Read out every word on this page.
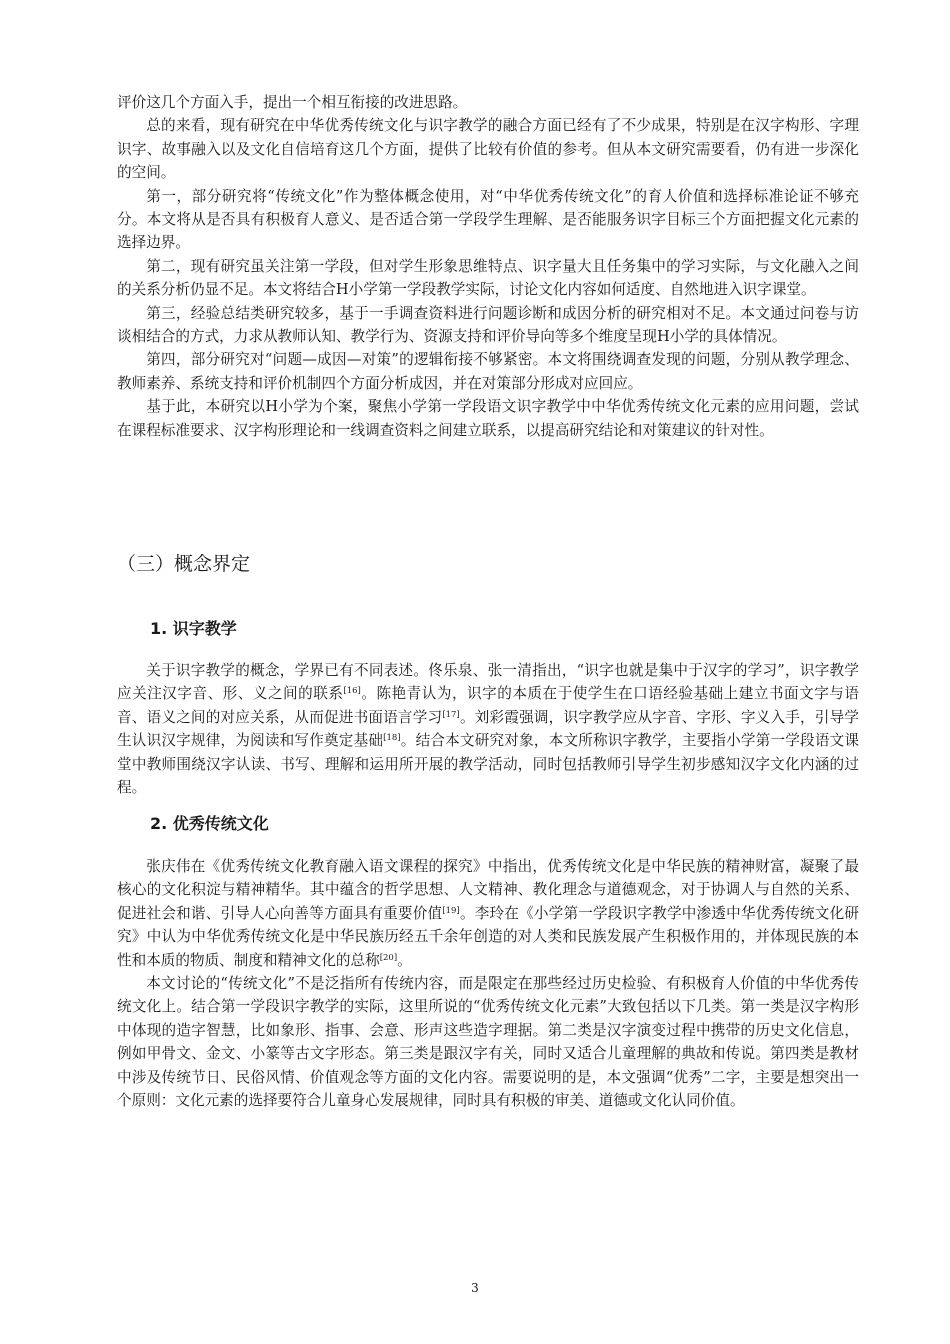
评价这几个方面入手，提出一个相互衔接的改进思路。

总的来看，现有研究在中华优秀传统文化与识字教学的融合方面已经有了不少成果，特别是在汉字构形、字理识字、故事融入以及文化自信培育这几个方面，提供了比较有价值的参考。但从本文研究需要看，仍有进一步深化的空间。

第一，部分研究将“传统文化”作为整体概念使用，对“中华优秀传统文化”的育人价值和选择标准论证不够充分。本文将从是否具有积极育人意义、是否适合第一学段学生理解、是否能服务识字目标三个方面把握文化元素的选择边界。

第二，现有研究虽关注第一学段，但对学生形象思维特点、识字量大且任务集中的学习实际，与文化融入之间的关系分析仍显不足。本文将结合H小学第一学段教学实际，讨论文化内容如何适度、自然地进入识字课堂。

第三，经验总结类研究较多，基于一手调查资料进行问题诊断和成因分析的研究相对不足。本文通过问卷与访谈相结合的方式，力求从教师认知、教学行为、资源支持和评价导向等多个维度呈现H小学的具体情况。

第四，部分研究对“问题—成因—对策”的逻辑衔接不够紧密。本文将围绕调查发现的问题，分别从教学理念、教师素养、系统支持和评价机制四个方面分析成因，并在对策部分形成对应回应。

基于此，本研究以H小学为个案，聚焦小学第一学段语文识字教学中中华优秀传统文化元素的应用问题，尝试在课程标准要求、汉字构形理论和一线调查资料之间建立联系，以提高研究结论和对策建议的针对性。

（三）概念界定
1. 识字教学

关于识字教学的概念，学界已有不同表述。佟乐泉、张一清指出，“识字也就是集中于汉字的学习”，识字教学应关注汉字音、形、义之间的联系[16]。陈艳青认为，识字的本质在于使学生在口语经验基础上建立书面文字与语音、语义之间的对应关系，从而促进书面语言学习[17]。刘彩霞强调，识字教学应从字音、字形、字义入手，引导学生认识汉字规律，为阅读和写作奠定基础[18]。结合本文研究对象，本文所称识字教学，主要指小学第一学段语文课堂中教师围绕汉字认读、书写、理解和运用所开展的教学活动，同时包括教师引导学生初步感知汉字文化内涵的过程。

2. 优秀传统文化

张庆伟在《优秀传统文化教育融入语文课程的探究》中指出，优秀传统文化是中华民族的精神财富，凝聚了最核心的文化积淀与精神精华。其中蕴含的哲学思想、人文精神、教化理念与道德观念，对于协调人与自然的关系、促进社会和谐、引导人心向善等方面具有重要价值[19]。李玲在《小学第一学段识字教学中渗透中华优秀传统文化研究》中认为中华优秀传统文化是中华民族历经五千余年创造的对人类和民族发展产生积极作用的，并体现民族的本性和本质的物质、制度和精神文化的总称[20]。

本文讨论的“传统文化”不是泛指所有传统内容，而是限定在那些经过历史检验、有积极育人价值的中华优秀传统文化上。结合第一学段识字教学的实际，这里所说的“优秀传统文化元素”大致包括以下几类。第一类是汉字构形中体现的造字智慧，比如象形、指事、会意、形声这些造字理据。第二类是汉字演变过程中携带的历史文化信息，例如甲骨文、金文、小篆等古文字形态。第三类是跟汉字有关，同时又适合儿童理解的典故和传说。第四类是教材中涉及传统节日、民俗风情、价值观念等方面的文化内容。需要说明的是，本文强调“优秀”二字，主要是想突出一个原则：文化元素的选择要符合儿童身心发展规律，同时具有积极的审美、道德或文化认同价值。

3
